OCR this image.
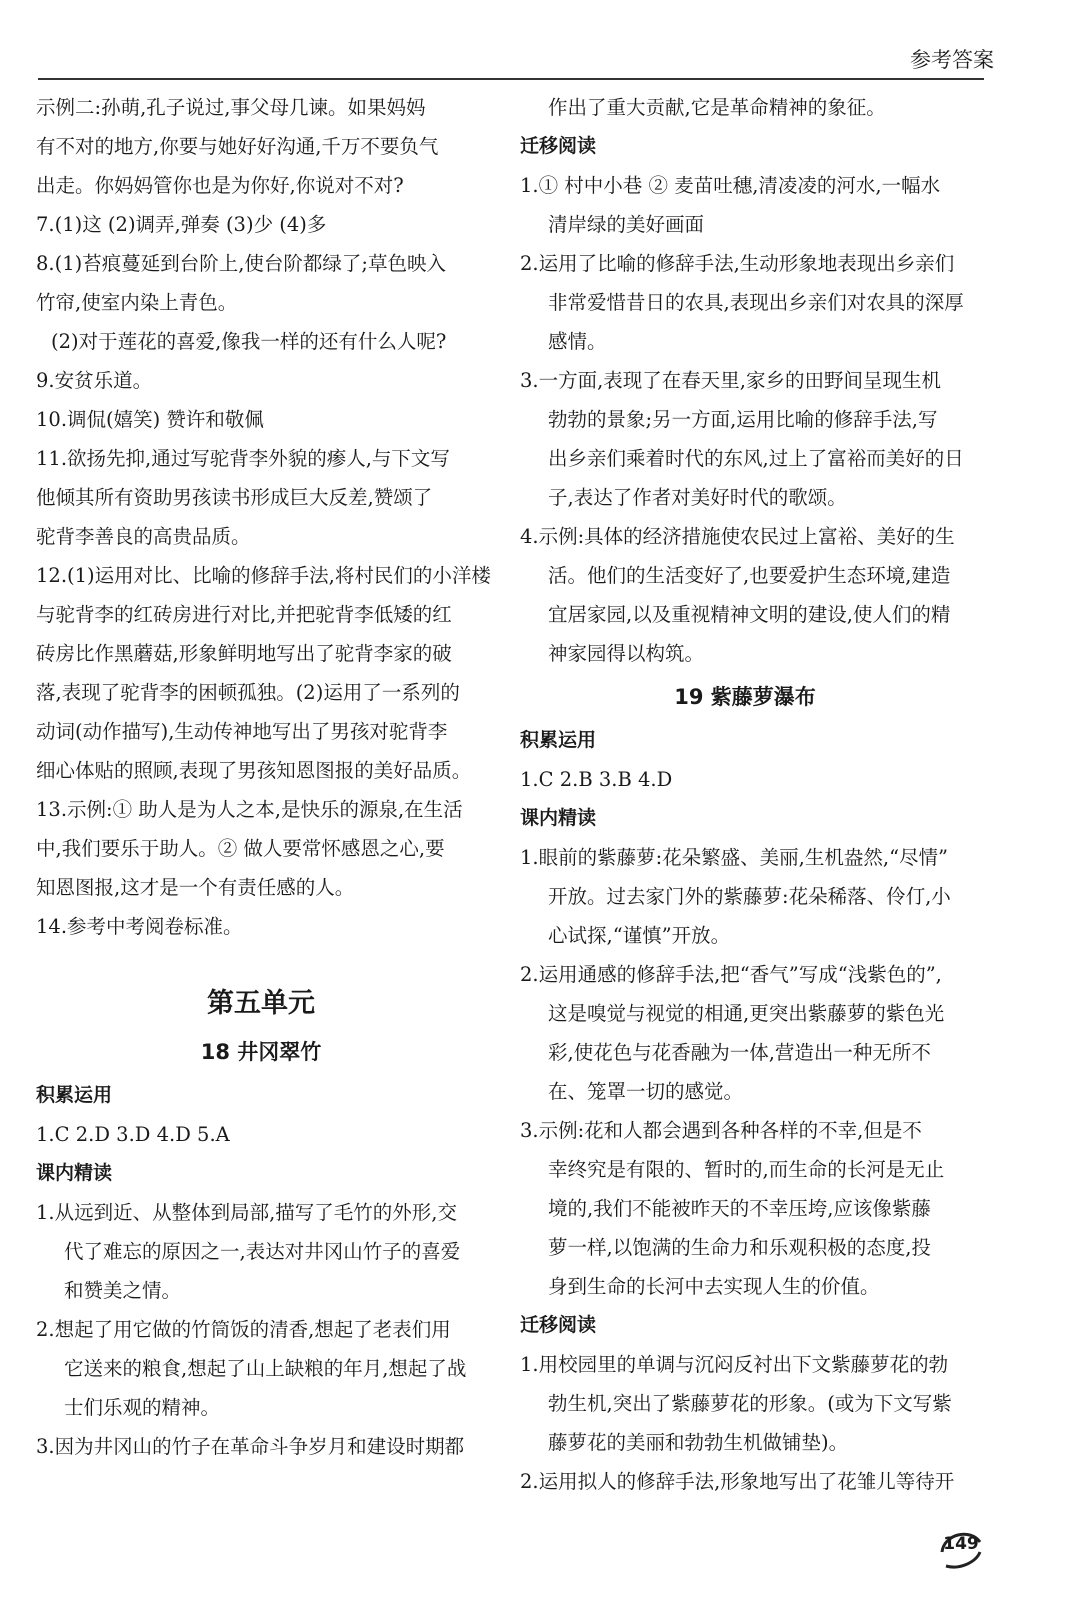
参考答案
示例二:孙萌,孔子说过,事父母几谏。如果妈妈
有不对的地方,你要与她好好沟通,千万不要负气
出走。你妈妈管你也是为你好,你说对不对?
7.(1)这 (2)调弄,弹奏 (3)少 (4)多
8.(1)苔痕蔓延到台阶上,使台阶都绿了;草色映入
竹帘,使室内染上青色。
(2)对于莲花的喜爱,像我一样的还有什么人呢?
9.安贫乐道。
10.调侃(嬉笑) 赞许和敬佩
11.欲扬先抑,通过写驼背李外貌的瘆人,与下文写
他倾其所有资助男孩读书形成巨大反差,赞颂了
驼背李善良的高贵品质。
12.(1)运用对比、比喻的修辞手法,将村民们的小洋楼
与驼背李的红砖房进行对比,并把驼背李低矮的红
砖房比作黑蘑菇,形象鲜明地写出了驼背李家的破
落,表现了驼背李的困顿孤独。(2)运用了一系列的
动词(动作描写),生动传神地写出了男孩对驼背李
细心体贴的照顾,表现了男孩知恩图报的美好品质。
13.示例:① 助人是为人之本,是快乐的源泉,在生活
中,我们要乐于助人。② 做人要常怀感恩之心,要
知恩图报,这才是一个有责任感的人。
14.参考中考阅卷标准。
第五单元
18 井冈翠竹
积累运用
1.C 2.D 3.D 4.D 5.A
课内精读
1.从远到近、从整体到局部,描写了毛竹的外形,交
代了难忘的原因之一,表达对井冈山竹子的喜爱
和赞美之情。
2.想起了用它做的竹筒饭的清香,想起了老表们用
它送来的粮食,想起了山上缺粮的年月,想起了战
士们乐观的精神。
3.因为井冈山的竹子在革命斗争岁月和建设时期都
作出了重大贡献,它是革命精神的象征。
迁移阅读
1.① 村中小巷 ② 麦苗吐穗,清凌凌的河水,一幅水
清岸绿的美好画面
2.运用了比喻的修辞手法,生动形象地表现出乡亲们
非常爱惜昔日的农具,表现出乡亲们对农具的深厚
感情。
3.一方面,表现了在春天里,家乡的田野间呈现生机
勃勃的景象;另一方面,运用比喻的修辞手法,写
出乡亲们乘着时代的东风,过上了富裕而美好的日
子,表达了作者对美好时代的歌颂。
4.示例:具体的经济措施使农民过上富裕、美好的生
活。他们的生活变好了,也要爱护生态环境,建造
宜居家园,以及重视精神文明的建设,使人们的精
神家园得以构筑。
19 紫藤萝瀑布
积累运用
1.C 2.B 3.B 4.D
课内精读
1.眼前的紫藤萝:花朵繁盛、美丽,生机盎然,“尽情”
开放。过去家门外的紫藤萝:花朵稀落、伶仃,小
心试探,“谨慎”开放。
2.运用通感的修辞手法,把“香气”写成“浅紫色的”,
这是嗅觉与视觉的相通,更突出紫藤萝的紫色光
彩,使花色与花香融为一体,营造出一种无所不
在、笼罩一切的感觉。
3.示例:花和人都会遇到各种各样的不幸,但是不
幸终究是有限的、暂时的,而生命的长河是无止
境的,我们不能被昨天的不幸压垮,应该像紫藤
萝一样,以饱满的生命力和乐观积极的态度,投
身到生命的长河中去实现人生的价值。
迁移阅读
1.用校园里的单调与沉闷反衬出下文紫藤萝花的勃
勃生机,突出了紫藤萝花的形象。(或为下文写紫
藤萝花的美丽和勃勃生机做铺垫)。
2.运用拟人的修辞手法,形象地写出了花雏儿等待开
149
